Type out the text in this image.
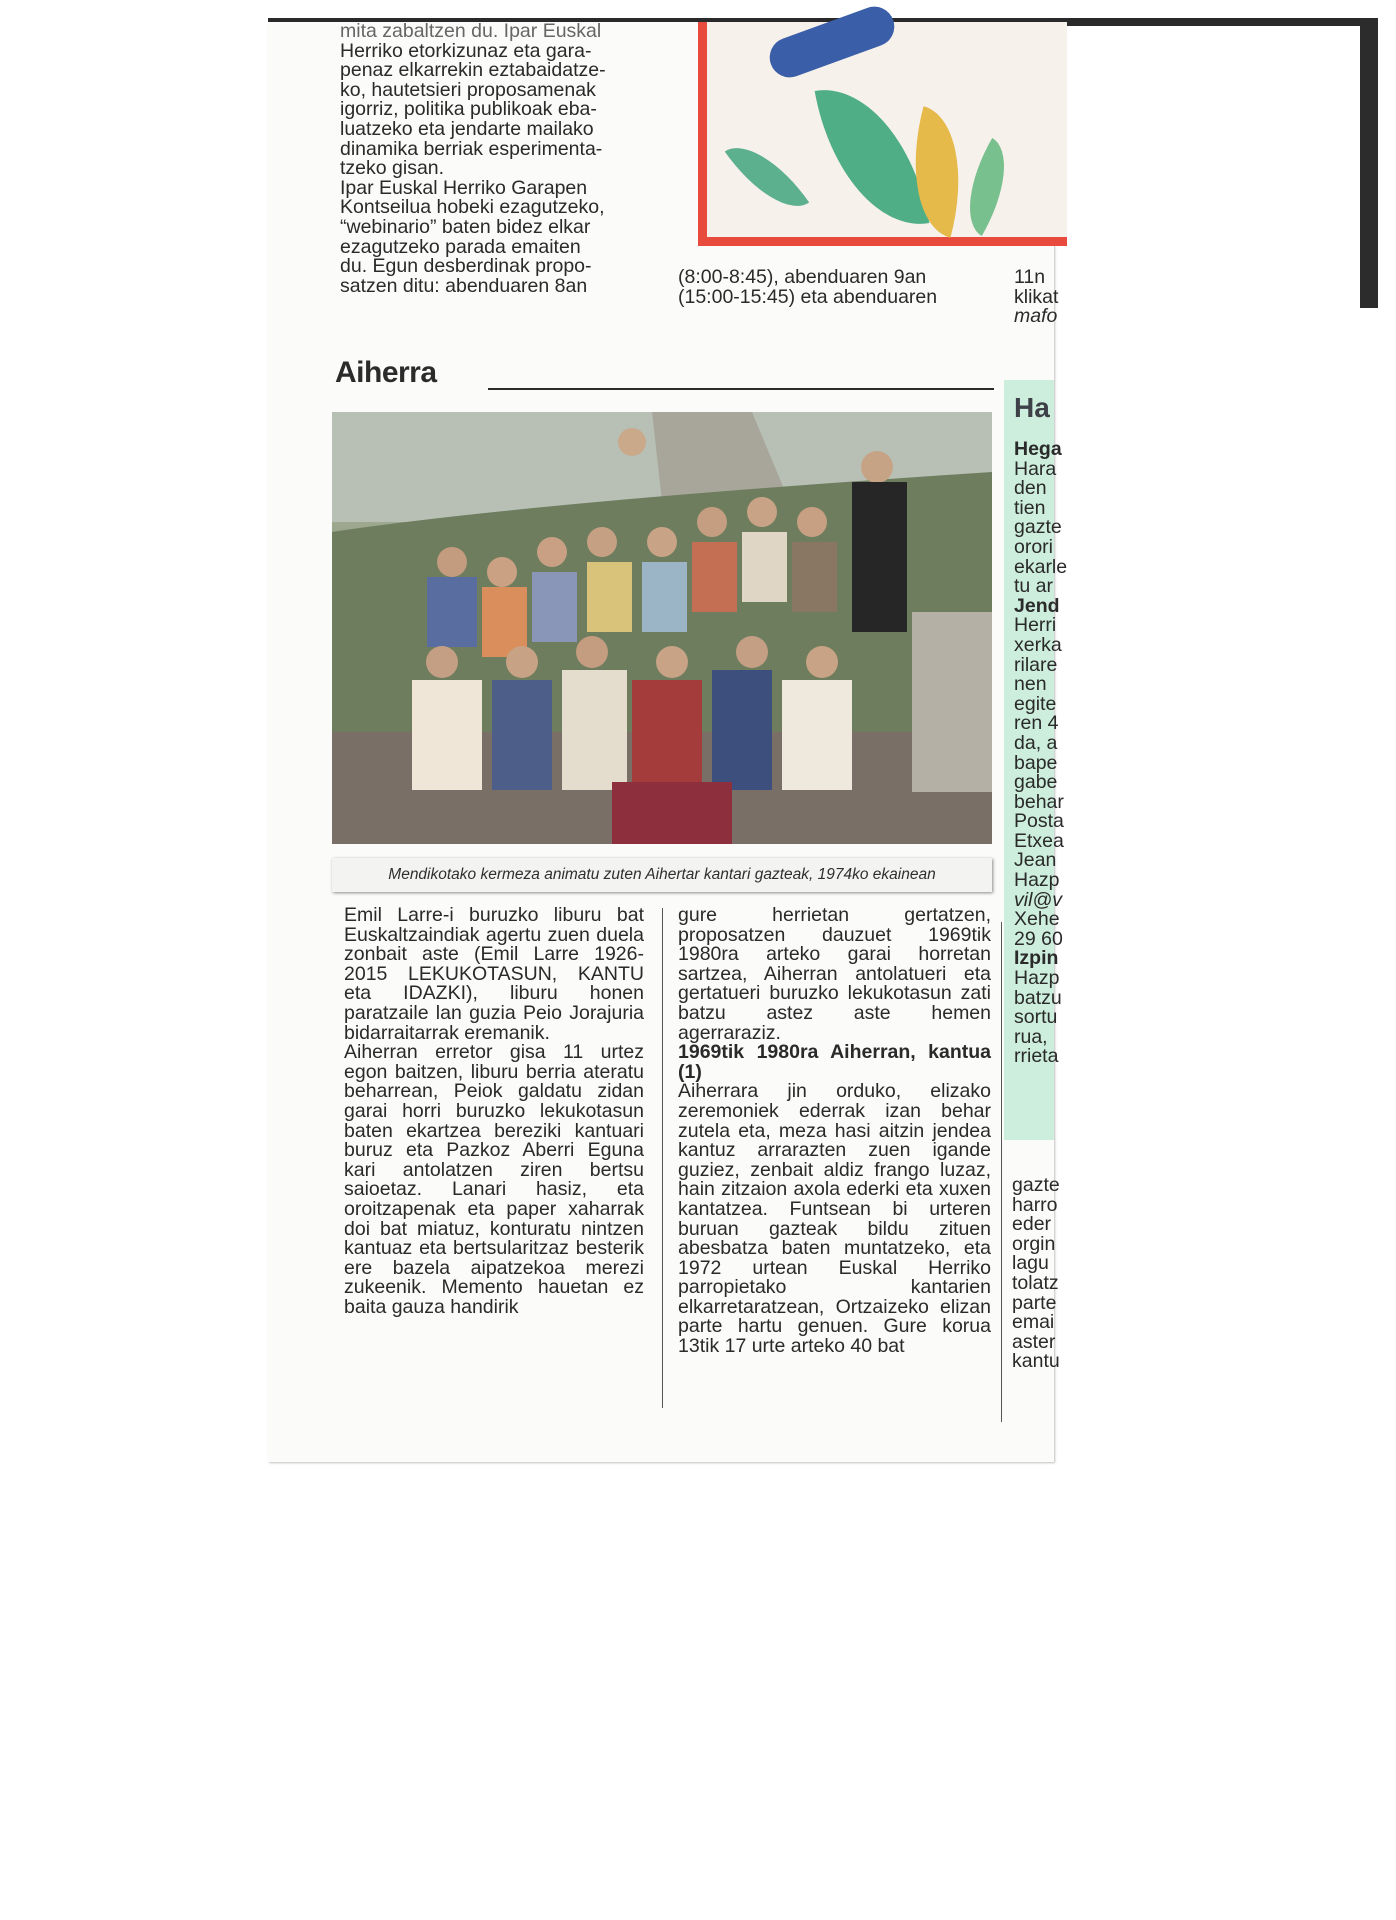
mita zabaltzen du. Ipar Euskal

Herriko etorkizunaz eta gara-

penaz elkarrekin eztabaidatze-

ko, hautetsieri proposamenak

igorriz, politika publikoak eba-

luatzeko eta jendarte mailako

dinamika berriak esperimenta-

tzeko gisan.

Ipar Euskal Herriko Garapen

Kontseilua hobeki ezagutzeko,

“webinario” baten bidez elkar

ezagutzeko parada emaiten

du. Egun desberdinak propo-

satzen ditu: abenduaren 8an	(8:00-8:45), abenduaren 9an

(15:00-15:45) eta abenduaren

11n

klikat

mafo

Aiherra
Mendikotako kermeza animatu zuten Aihertar kantari gazteak, 1974ko ekainean

Emil Larre-i buruzko liburu bat Euskaltzaindiak agertu zuen duela zonbait aste (Emil Larre 1926-2015 LEKUKOTASUN, KANTU eta IDAZKI), liburu honen paratzaile lan guzia Peio Jorajuria bidarraitarrak eremanik.

Aiherran erretor gisa 11 urtez egon baitzen, liburu berria ateratu beharrean, Peiok galdatu zidan garai horri buruzko lekukotasun baten ekartzea bereziki kantuari buruz eta Pazkoz Aberri Eguna kari antolatzen ziren bertsu saioetaz. Lanari hasiz, eta oroitzapenak eta paper xaharrak doi bat miatuz, konturatu nintzen kantuaz eta bertsularitzaz besterik ere bazela aipatzekoa merezi zukeenik. Memento hauetan ez baita gauza handirik

gure herrietan gertatzen, proposatzen dauzuet 1969tik 1980ra arteko garai horretan sartzea, Aiherran antolatueri eta gertatueri buruzko lekukotasun zati batzu astez aste hemen agerraraziz.

1969tik 1980ra Aiherran, kantua (1)

Aiherrara jin orduko, elizako zeremoniek ederrak izan behar zutela eta, meza hasi aitzin jendea kantuz arrarazten zuen igande guziez, zenbait aldiz frango luzaz, hain zitzaion axola ederki eta xuxen kantatzea. Funtsean bi urteren buruan gazteak bildu zituen abesbatza baten muntatzeko, eta 1972 urtean Euskal Herriko parropietako kantarien elkarretaratzean, Ortzaizeko elizan parte hartu genuen. Gure korua 13tik 17 urte arteko 40 bat

Hega
Hara
den
tien
gazte
orori
ekarle
tu ar
Jend
Herri
xerka
rilare
nen
egite
ren 4
da, a
bape
gabe
behar
Posta
Etxea
Jean
Hazp
vil@v
Xehe
29 60
Izpin
Hazp
batzu
sortu
rua,
rrieta
Ha
gazte
harro
eder
orgin
lagu
tolatz
parte
emai
aster
kantu
